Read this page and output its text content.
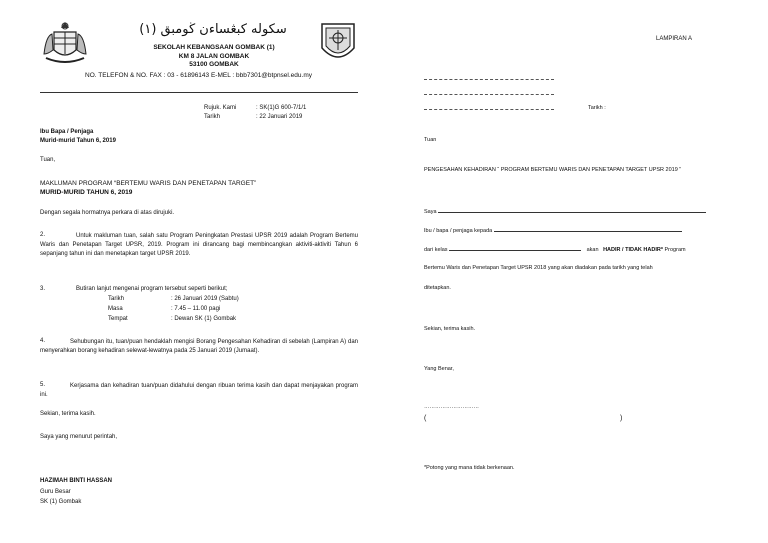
سکوله کبڠساءن ڬومبق (١)
SEKOLAH KEBANGSAAN GOMBAK (1)
KM 8 JALAN GOMBAK
53100 GOMBAK
NO. TELEFON & NO. FAX : 03 - 61896143 E-MEL : bbb7301@btpnsel.edu.my
Rujuk. Kami	: SK(1)G 600-7/1/1
Tarikh	: 22 Januari 2019
Ibu Bapa / Penjaga
Murid-murid Tahun 6, 2019
Tuan,
MAKLUMAN PROGRAM “BERTEMU WARIS DAN PENETAPAN TARGET”
MURID-MURID TAHUN 6, 2019
Dengan segala hormatnya perkara di atas dirujuki.
2.	Untuk makluman tuan, salah satu Program Peningkatan Prestasi UPSR 2019 adalah Program Bertemu Waris dan Penetapan Target UPSR, 2019. Program ini dirancang bagi membincangkan aktiviti-aktiviti Tahun 6 sepanjang tahun ini dan menetapkan target UPSR 2019.
3.	Butiran lanjut mengenai program tersebut seperti berikut;
Tarikh	: 26 Januari 2019 (Sabtu)
Masa	: 7.45 – 11.00 pagi
Tempat	: Dewan SK (1) Gombak
4.	Sehubungan itu, tuan/puan hendaklah mengisi Borang Pengesahan Kehadiran di sebelah (Lampiran A) dan menyerahkan borang kehadiran selewat-lewatnya pada 25 Januari 2019 (Jumaat).
5.	Kerjasama dan kehadiran tuan/puan didahului dengan ribuan terima kasih dan dapat menjayakan program ini.
Sekian, terima kasih.
Saya yang menurut perintah,
HAZIMAH BINTI HASSAN
Guru Besar
SK (1) Gombak
LAMPIRAN A
Tarikh :
Tuan
PENGESAHAN KEHADIRAN “ PROGRAM BERTEMU WARIS DAN PENETAPAN TARGET UPSR 2019 ”
Saya
Ibu / bapa / penjaga kepada
dari kelas	akan HADIR / TIDAK HADIR* Program
Bertemu Waris dan Penetapan Target UPSR 2018 yang akan diadakan pada tarikh yang telah
ditetapkan.
Sekian, terima kasih.
Yang Benar,
…………………………
(	)
*Potong yang mana tidak berkenaan.
